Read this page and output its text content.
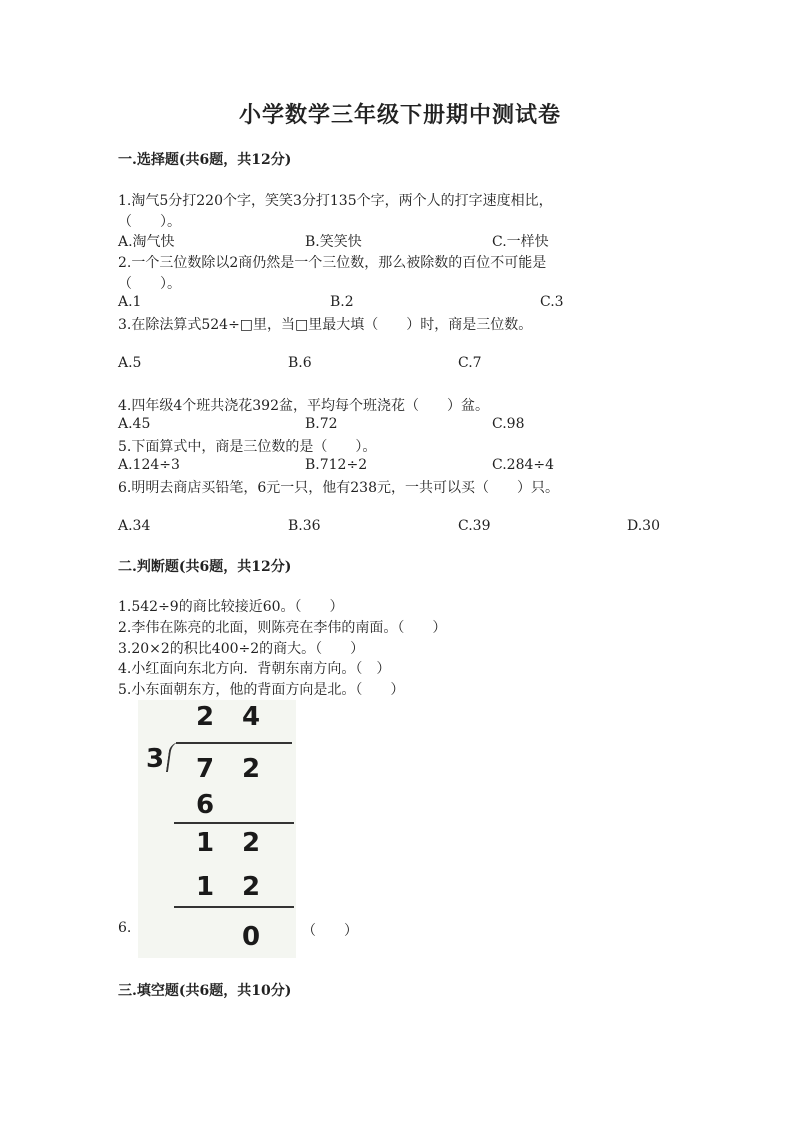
小学数学三年级下册期中测试卷
一.选择题(共6题，共12分)
1.淘气5分打220个字，笑笑3分打135个字，两个人的打字速度相比，
（　　）。
A.淘气快	B.笑笑快	C.一样快
2.一个三位数除以2商仍然是一个三位数，那么被除数的百位不可能是
（　　）。
A.1	B.2	C.3
3.在除法算式524÷□里，当□里最大填（　　）时，商是三位数。
A.5	B.6	C.7
4.四年级4个班共浇花392盆，平均每个班浇花（　　）盆。
A.45	B.72	C.98
5.下面算式中，商是三位数的是（　　）。
A.124÷3	B.712÷2	C.284÷4
6.明明去商店买铅笔，6元一只，他有238元，一共可以买（　　）只。
A.34	B.36	C.39	D.30
二.判断题(共6题，共12分)
1.542÷9的商比较接近60。（　　）
2.李伟在陈亮的北面，则陈亮在李伟的南面。（　　）
3.20×2的积比400÷2的商大。（　　）
4.小红面向东北方向．背朝东南方向。（　）
5.小东面朝东方，他的背面方向是北。（　　）
6.
2 4
3 7 2
6
1 2
1 2
0	（　　）
三.填空题(共6题，共10分)
